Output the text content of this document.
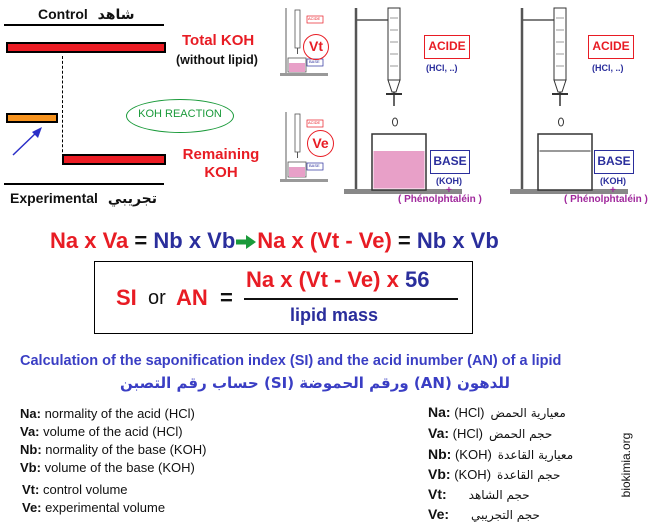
Control شاهد
Experimental تجريبي
Total KOH
(without lipid)
KOH REACTION
Remaining
KOH
ACIDE
BASE
ACIDE
BASE
Vt
Ve
ACIDE
(HCl, ..)
BASE
(KOH)
+
( Phénolphtaléin )
ACIDE
(HCl, ..)
BASE
(KOH)
+
( Phénolphtaléin )
Na x Va = Nb x Vb Na x (Vt - Ve) = Nb x Vb
SI or AN =
Na x (Vt - Ve) x 56
lipid mass
Calculation of the saponification index (SI) and the acid inumber (AN) of a lipid
حساب رقم التصبن (SI) ورقم الحموضة (AN) للدهون
Na: normality of the acid (HCl)
Va: volume of the acid (HCl)
Nb: normality of the base (KOH)
Vb: volume of the base (KOH)
Vt: control volume
Ve: experimental volume
Na: (HCl) معيارية الحمض
Va: (HCl) حجم الحمض
Nb: (KOH) معيارية القاعدة
Vb: (KOH) حجم القاعدة
Vt: حجم الشاهد
Ve: حجم التجريبي
biokimia.org
